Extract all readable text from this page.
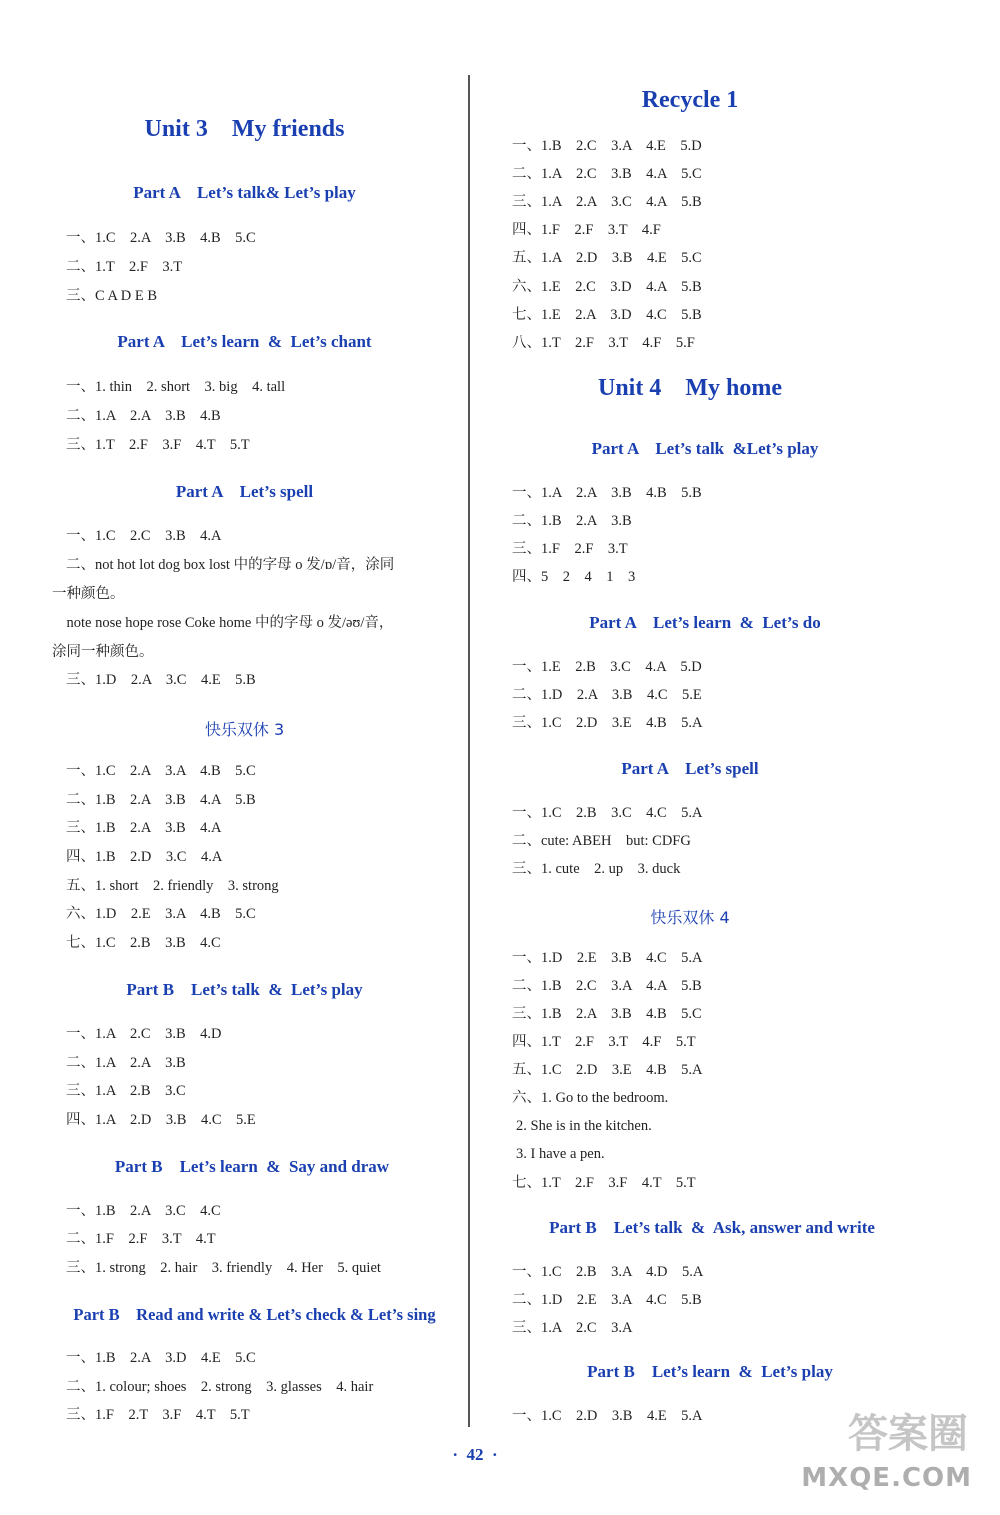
Unit 3    My friends
Part A    Let’s talk& Let’s play
一、1.C    2.A    3.B    4.B    5.C
二、1.T    2.F    3.T
三、C A D E B
Part A    Let’s learn  &  Let’s chant
一、1. thin    2. short    3. big    4. tall
二、1.A    2.A    3.B    4.B
三、1.T    2.F    3.F    4.T    5.T
Part A    Let’s spell
一、1.C    2.C    3.B    4.A
二、not hot lot dog box lost 中的字母 o 发/ɒ/音，涂同
一种颜色。
note nose hope rose Coke home 中的字母 o 发/əʊ/音，
涂同一种颜色。
三、1.D    2.A    3.C    4.E    5.B
快乐双休 3
一、1.C    2.A    3.A    4.B    5.C
二、1.B    2.A    3.B    4.A    5.B
三、1.B    2.A    3.B    4.A
四、1.B    2.D    3.C    4.A
五、1. short    2. friendly    3. strong
六、1.D    2.E    3.A    4.B    5.C
七、1.C    2.B    3.B    4.C
Part B    Let’s talk  &  Let’s play
一、1.A    2.C    3.B    4.D
二、1.A    2.A    3.B
三、1.A    2.B    3.C
四、1.A    2.D    3.B    4.C    5.E
Part B    Let’s learn  &  Say and draw
一、1.B    2.A    3.C    4.C
二、1.F    2.F    3.T    4.T
三、1. strong    2. hair    3. friendly    4. Her    5. quiet
Part B    Read and write & Let’s check & Let’s sing
一、1.B    2.A    3.D    4.E    5.C
二、1. colour; shoes    2. strong    3. glasses    4. hair
三、1.F    2.T    3.F    4.T    5.T
Recycle 1
一、1.B    2.C    3.A    4.E    5.D
二、1.A    2.C    3.B    4.A    5.C
三、1.A    2.A    3.C    4.A    5.B
四、1.F    2.F    3.T    4.F
五、1.A    2.D    3.B    4.E    5.C
六、1.E    2.C    3.D    4.A    5.B
七、1.E    2.A    3.D    4.C    5.B
八、1.T    2.F    3.T    4.F    5.F
Unit 4    My home
Part A    Let’s talk  &Let’s play
一、1.A    2.A    3.B    4.B    5.B
二、1.B    2.A    3.B
三、1.F    2.F    3.T
四、5    2    4    1    3
Part A    Let’s learn  &  Let’s do
一、1.E    2.B    3.C    4.A    5.D
二、1.D    2.A    3.B    4.C    5.E
三、1.C    2.D    3.E    4.B    5.A
Part A    Let’s spell
一、1.C    2.B    3.C    4.C    5.A
二、cute: ABEH    but: CDFG
三、1. cute    2. up    3. duck
快乐双休 4
一、1.D    2.E    3.B    4.C    5.A
二、1.B    2.C    3.A    4.A    5.B
三、1.B    2.A    3.B    4.B    5.C
四、1.T    2.F    3.T    4.F    5.T
五、1.C    2.D    3.E    4.B    5.A
六、1. Go to the bedroom.
2. She is in the kitchen.
3. I have a pen.
七、1.T    2.F    3.F    4.T    5.T
Part B    Let’s talk  &  Ask, answer and write
一、1.C    2.B    3.A    4.D    5.A
二、1.D    2.E    3.A    4.C    5.B
三、1.A    2.C    3.A
Part B    Let’s learn  &  Let’s play
一、1.C    2.D    3.B    4.E    5.A
·  42  ·	答案圈
MXQE.COM
